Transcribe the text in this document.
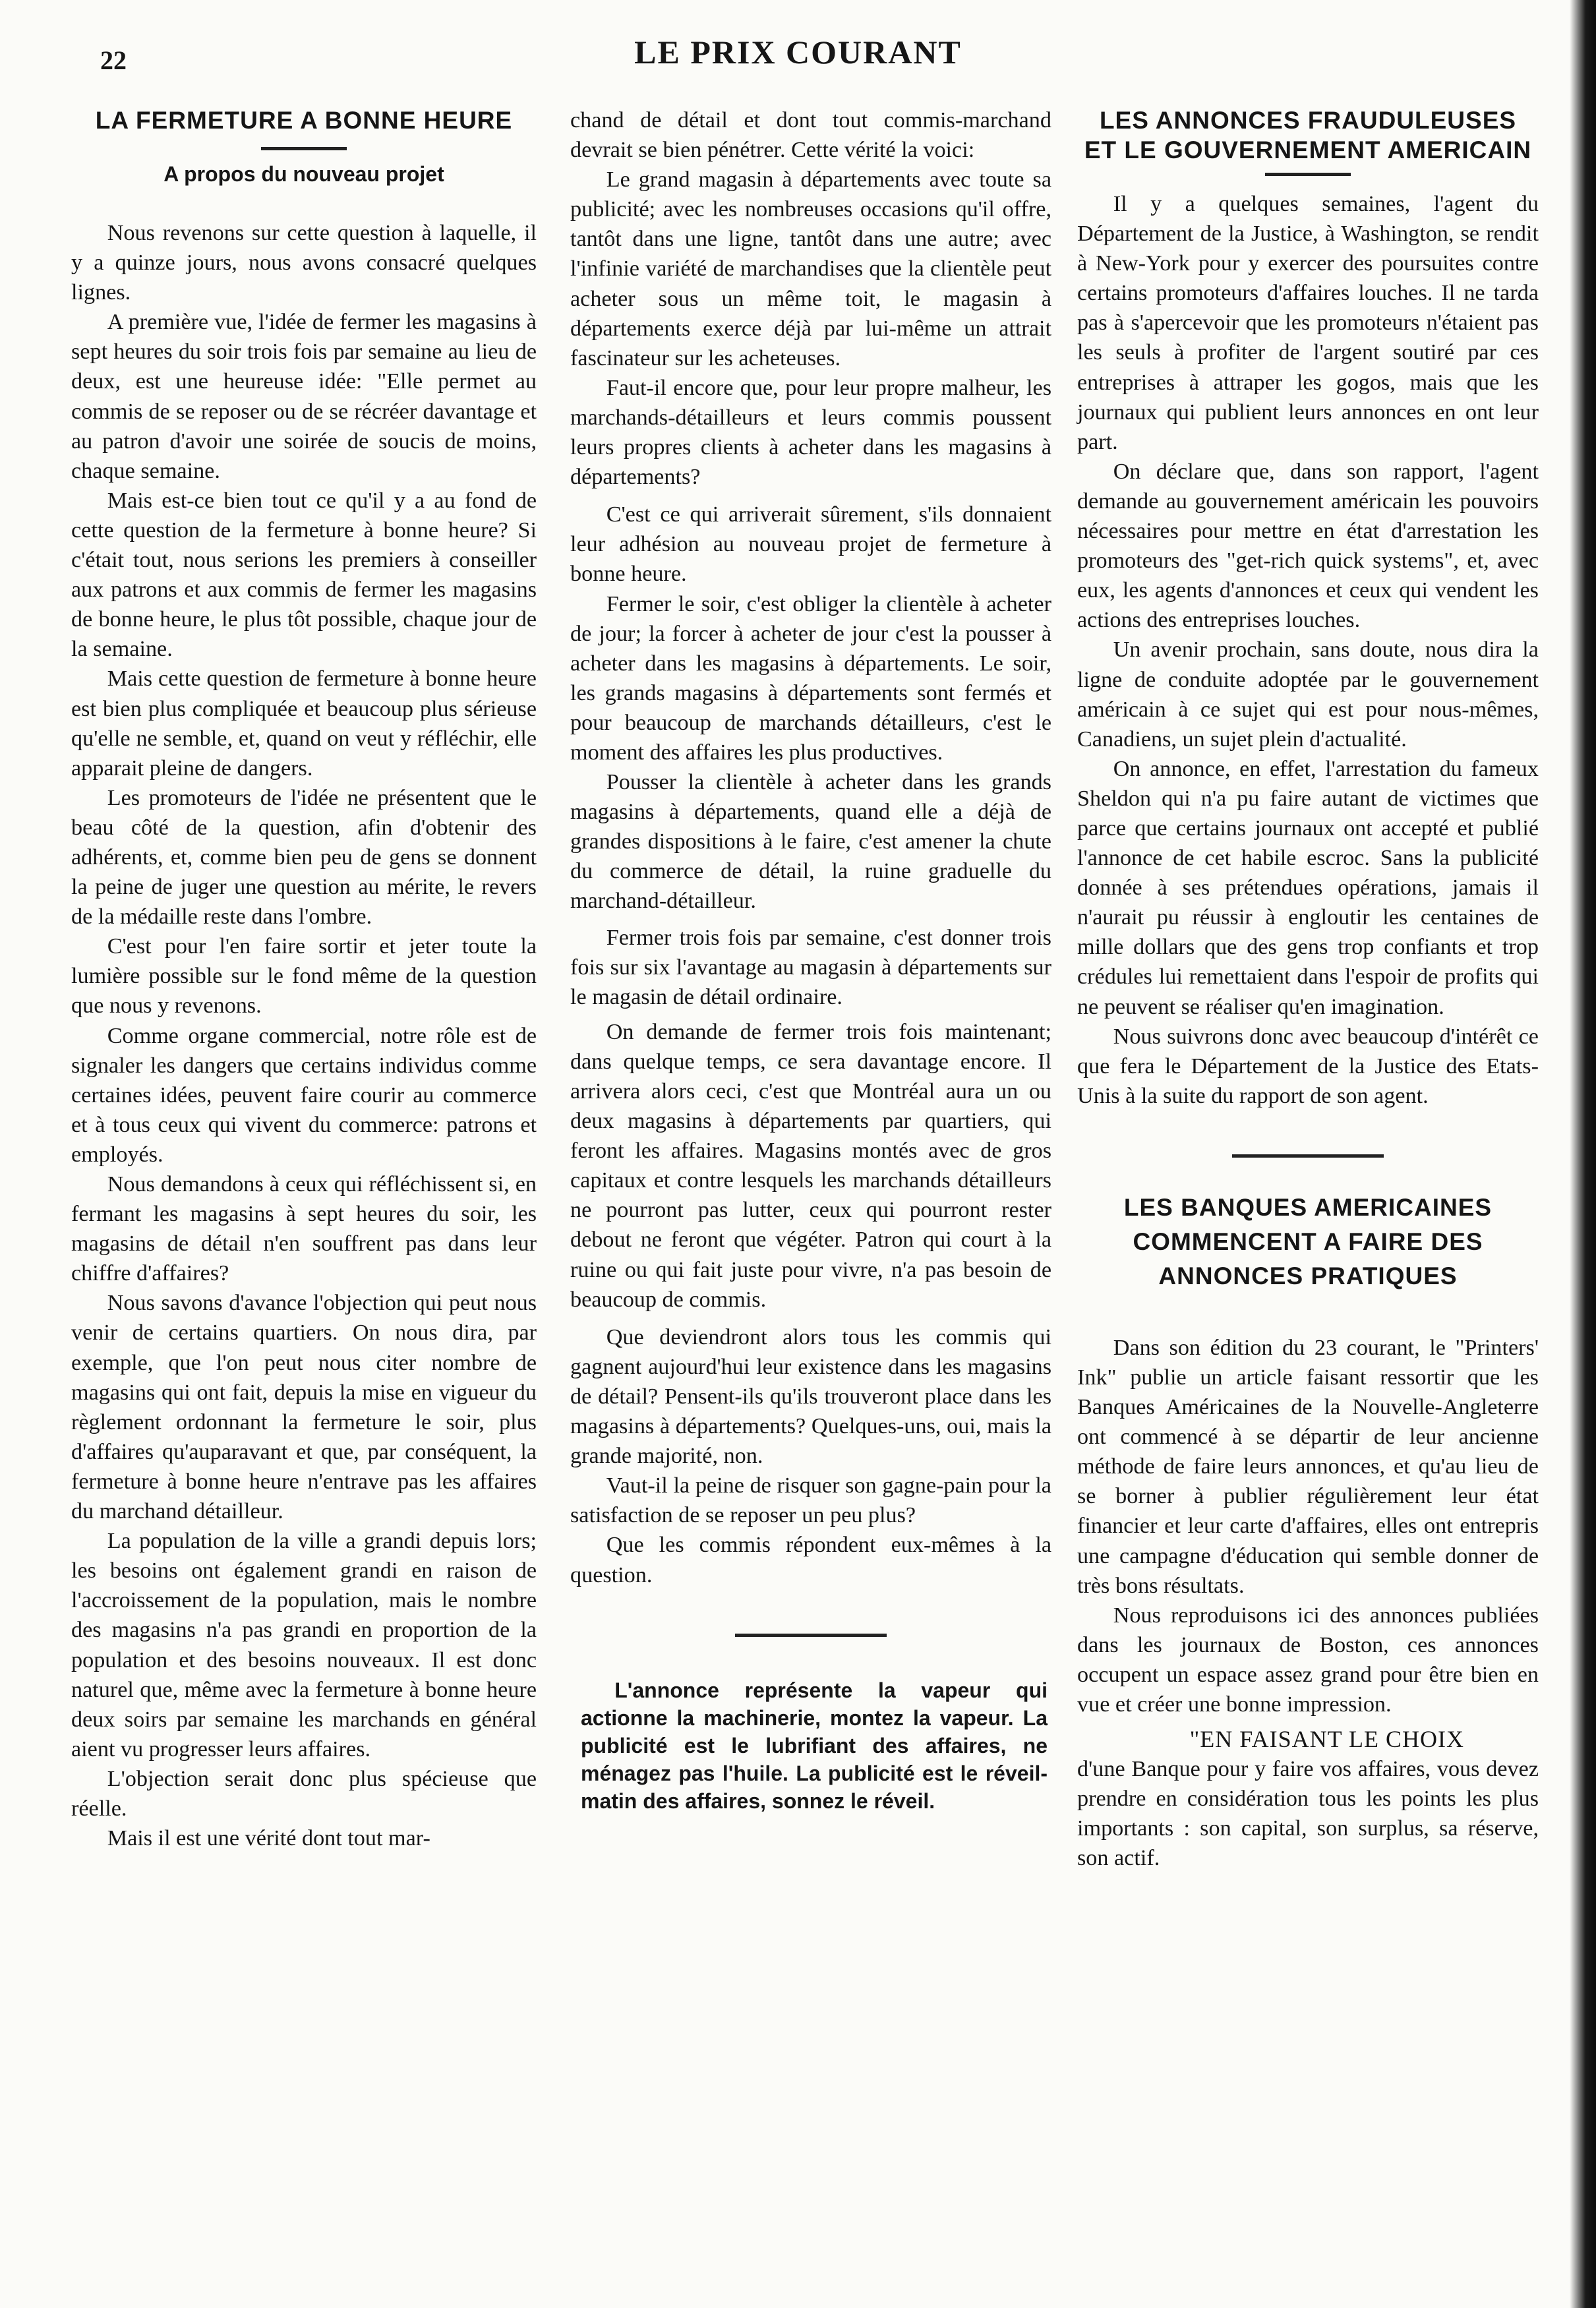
22	LE PRIX COURANT
LA FERMETURE A BONNE HEURE
A propos du nouveau projet

Nous revenons sur cette question à laquelle, il y a quinze jours, nous avons consacré quelques lignes.

A première vue, l'idée de fermer les magasins à sept heures du soir trois fois par semaine au lieu de deux, est une heureuse idée: "Elle permet au commis de se reposer ou de se récréer davantage et au patron d'avoir une soirée de soucis de moins, chaque semaine.

Mais est-ce bien tout ce qu'il y a au fond de cette question de la fermeture à bonne heure? Si c'était tout, nous serions les premiers à conseiller aux patrons et aux commis de fermer les magasins de bonne heure, le plus tôt possible, chaque jour de la semaine.

Mais cette question de fermeture à bonne heure est bien plus compliquée et beaucoup plus sérieuse qu'elle ne semble, et, quand on veut y réfléchir, elle apparait pleine de dangers.

Les promoteurs de l'idée ne présentent que le beau côté de la question, afin d'obtenir des adhérents, et, comme bien peu de gens se donnent la peine de juger une question au mérite, le revers de la médaille reste dans l'ombre.

C'est pour l'en faire sortir et jeter toute la lumière possible sur le fond même de la question que nous y revenons.

Comme organe commercial, notre rôle est de signaler les dangers que certains individus comme certaines idées, peuvent faire courir au commerce et à tous ceux qui vivent du commerce: patrons et employés.

Nous demandons à ceux qui réfléchissent si, en fermant les magasins à sept heures du soir, les magasins de détail n'en souffrent pas dans leur chiffre d'affaires?

Nous savons d'avance l'objection qui peut nous venir de certains quartiers. On nous dira, par exemple, que l'on peut nous citer nombre de magasins qui ont fait, depuis la mise en vigueur du règlement ordonnant la fermeture le soir, plus d'affaires qu'auparavant et que, par conséquent, la fermeture à bonne heure n'entrave pas les affaires du marchand détailleur.

La population de la ville a grandi depuis lors; les besoins ont également grandi en raison de l'accroissement de la population, mais le nombre des magasins n'a pas grandi en proportion de la population et des besoins nouveaux. Il est donc naturel que, même avec la fermeture à bonne heure deux soirs par semaine les marchands en général aient vu progresser leurs affaires.

L'objection serait donc plus spécieuse que réelle.

Mais il est une vérité dont tout mar-

chand de détail et dont tout commis-marchand devrait se bien pénétrer. Cette vérité la voici:

Le grand magasin à départements avec toute sa publicité; avec les nombreuses occasions qu'il offre, tantôt dans une ligne, tantôt dans une autre; avec l'infinie variété de marchandises que la clientèle peut acheter sous un même toit, le magasin à départements exerce déjà par lui-même un attrait fascinateur sur les acheteuses.

Faut-il encore que, pour leur propre malheur, les marchands-détailleurs et leurs commis poussent leurs propres clients à acheter dans les magasins à départements?

C'est ce qui arriverait sûrement, s'ils donnaient leur adhésion au nouveau projet de fermeture à bonne heure.

Fermer le soir, c'est obliger la clientèle à acheter de jour; la forcer à acheter de jour c'est la pousser à acheter dans les magasins à départements. Le soir, les grands magasins à départements sont fermés et pour beaucoup de marchands détailleurs, c'est le moment des affaires les plus productives.

Pousser la clientèle à acheter dans les grands magasins à départements, quand elle a déjà de grandes dispositions à le faire, c'est amener la chute du commerce de détail, la ruine graduelle du marchand-détailleur.

Fermer trois fois par semaine, c'est donner trois fois sur six l'avantage au magasin à départements sur le magasin de détail ordinaire.

On demande de fermer trois fois maintenant; dans quelque temps, ce sera davantage encore. Il arrivera alors ceci, c'est que Montréal aura un ou deux magasins à départements par quartiers, qui feront les affaires. Magasins montés avec de gros capitaux et contre lesquels les marchands détailleurs ne pourront pas lutter, ceux qui pourront rester debout ne feront que végéter. Patron qui court à la ruine ou qui fait juste pour vivre, n'a pas besoin de beaucoup de commis.

Que deviendront alors tous les commis qui gagnent aujourd'hui leur existence dans les magasins de détail? Pensent-ils qu'ils trouveront place dans les magasins à départements? Quelques-uns, oui, mais la grande majorité, non.

Vaut-il la peine de risquer son gagne-pain pour la satisfaction de se reposer un peu plus?

Que les commis répondent eux-mêmes à la question.

L'annonce représente la vapeur qui actionne la machinerie, montez la vapeur. La publicité est le lubrifiant des affaires, ne ménagez pas l'huile. La publicité est le réveil-matin des affaires, sonnez le réveil.

LES ANNONCES FRAUDULEUSES ET LE GOUVERNEMENT AMERICAIN

Il y a quelques semaines, l'agent du Département de la Justice, à Washington, se rendit à New-York pour y exercer des poursuites contre certains promoteurs d'affaires louches. Il ne tarda pas à s'apercevoir que les promoteurs n'étaient pas les seuls à profiter de l'argent soutiré par ces entreprises à attraper les gogos, mais que les journaux qui publient leurs annonces en ont leur part.

On déclare que, dans son rapport, l'agent demande au gouvernement américain les pouvoirs nécessaires pour mettre en état d'arrestation les promoteurs des "get-rich quick systems", et, avec eux, les agents d'annonces et ceux qui vendent les actions des entreprises louches.

Un avenir prochain, sans doute, nous dira la ligne de conduite adoptée par le gouvernement américain à ce sujet qui est pour nous-mêmes, Canadiens, un sujet plein d'actualité.

On annonce, en effet, l'arrestation du fameux Sheldon qui n'a pu faire autant de victimes que parce que certains journaux ont accepté et publié l'annonce de cet habile escroc. Sans la publicité donnée à ses prétendues opérations, jamais il n'aurait pu réussir à engloutir les centaines de mille dollars que des gens trop confiants et trop crédules lui remettaient dans l'espoir de profits qui ne peuvent se réaliser qu'en imagination.

Nous suivrons donc avec beaucoup d'intérêt ce que fera le Département de la Justice des Etats-Unis à la suite du rapport de son agent.

LES BANQUES AMERICAINES COMMENCENT A FAIRE DES ANNONCES PRATIQUES

Dans son édition du 23 courant, le "Printers' Ink" publie un article faisant ressortir que les Banques Américaines de la Nouvelle-Angleterre ont commencé à se départir de leur ancienne méthode de faire leurs annonces, et qu'au lieu de se borner à publier régulièrement leur état financier et leur carte d'affaires, elles ont entrepris une campagne d'éducation qui semble donner de très bons résultats.

Nous reproduisons ici des annonces publiées dans les journaux de Boston, ces annonces occupent un espace assez grand pour être bien en vue et créer une bonne impression.

"EN FAISANT LE CHOIX

d'une Banque pour y faire vos affaires, vous devez prendre en considération tous les points les plus importants : son capital, son surplus, sa réserve, son actif.
